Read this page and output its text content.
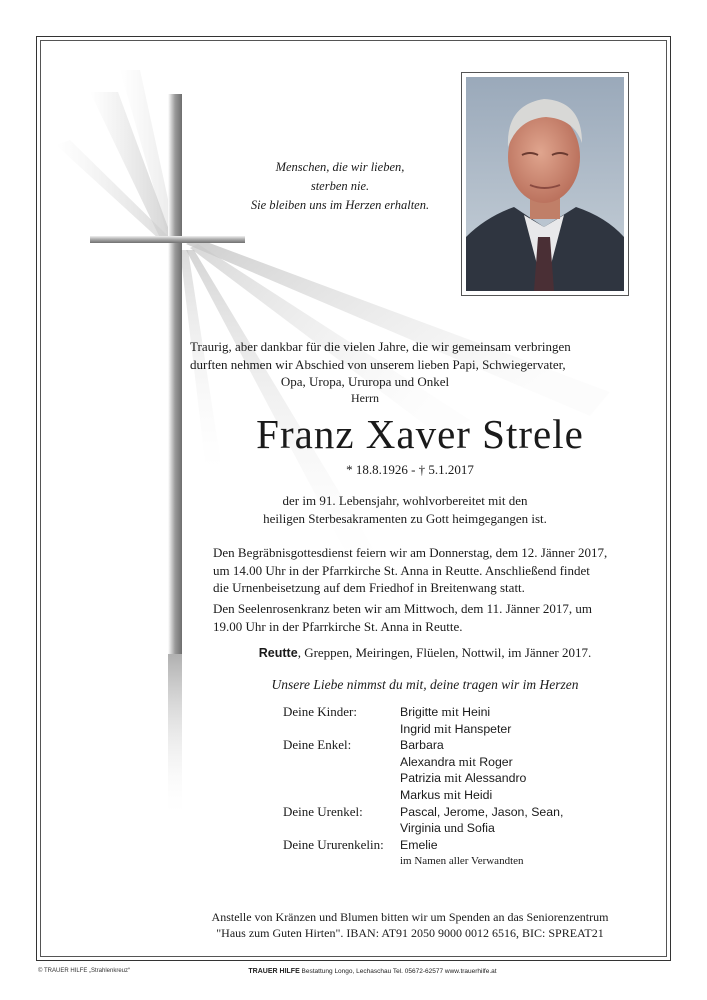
Menschen, die wir lieben,
sterben nie.
Sie bleiben uns im Herzen erhalten.
Traurig, aber dankbar für die vielen Jahre, die wir gemeinsam verbringen
durften nehmen wir Abschied von unserem lieben Papi, Schwiegervater,
Opa, Uropa, Ururopa und Onkel
Herrn
Franz Xaver Strele
* 18.8.1926 - † 5.1.2017
der im 91. Lebensjahr, wohlvorbereitet mit den
heiligen Sterbesakramenten zu Gott heimgegangen ist.
Den Begräbnisgottesdienst feiern wir am Donnerstag, dem 12. Jänner 2017,
um 14.00 Uhr in der Pfarrkirche St. Anna in Reutte. Anschließend findet
die Urnenbeisetzung auf dem Friedhof in Breitenwang statt.
Den Seelenrosenkranz beten wir am Mittwoch, dem 11. Jänner 2017, um
19.00 Uhr in der Pfarrkirche St. Anna in Reutte.
Reutte, Greppen, Meiringen, Flüelen, Nottwil, im Jänner 2017.
Unsere Liebe nimmst du mit, deine tragen wir im Herzen
Deine Kinder:	Brigitte mit Heini
Ingrid mit Hanspeter
Deine Enkel:	Barbara
Alexandra mit Roger
Patrizia mit Alessandro
Markus mit Heidi
Deine Urenkel:	Pascal, Jerome, Jason, Sean,
Virginia und Sofia
Deine Ururenkelin:	Emelie
im Namen aller Verwandten
Anstelle von Kränzen und Blumen bitten wir um Spenden an das Seniorenzentrum
"Haus zum Guten Hirten". IBAN: AT91 2050 9000 0012 6516, BIC: SPREAT21
© TRAUER HILFE „Strahlenkreuz“	TRAUER HILFE Bestattung Longo, Lechaschau Tel. 05672-62577 www.trauerhilfe.at
